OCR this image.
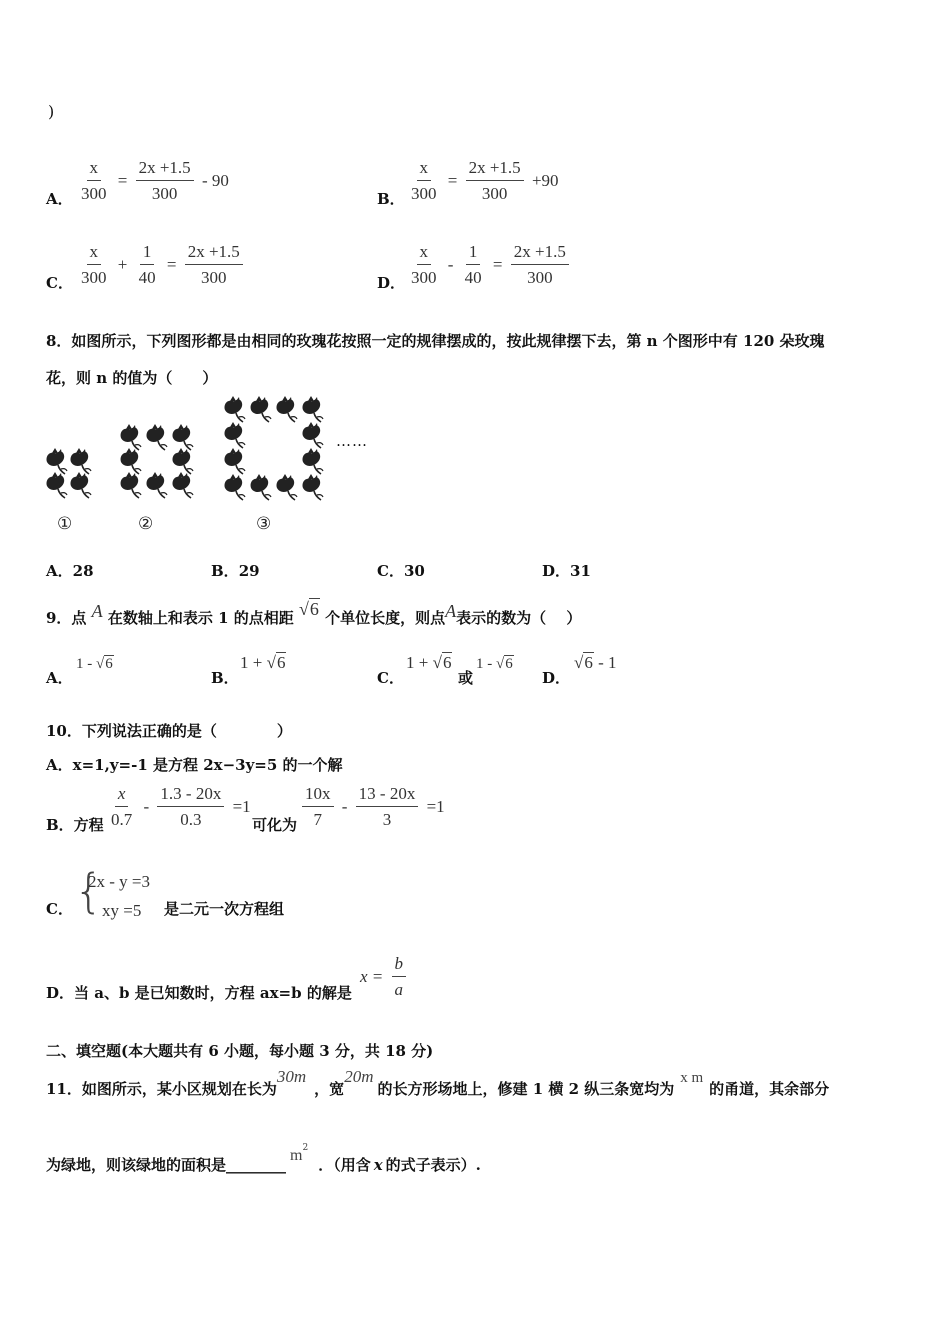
)
A． $\frac{x}{300} = \frac{2x +1.5}{300} - 90$
B． $\frac{x}{300} = \frac{2x +1.5}{300} +90$
C． $\frac{x}{300} + \frac{1}{40} = \frac{2x +1.5}{300}$	D． $\frac{x}{300} - \frac{1}{40} = \frac{2x +1.5}{300}$
8．如图所示，下列图形都是由相同的玫瑰花按照一定的规律摆成的，按此规律摆下去，第 n 个图形中有 120 朵玫瑰
花，则 n 的值为（　　）
……
①	②	③
A．28	B．29	C．30	D．31
9．点 A 在数轴上和表示 1 的点相距 √6 个单位长度，则点A表示的数为（　 ）
A．
1 - √6
B．
1 + √6
C．
1 + √6
或
1 - √6
D．
√6 - 1
10．下列说法正确的是（　　　　）
A．x=1,y=-1 是方程 2x−3y=5 的一个解
B．方程 $\frac{x}{0.7} - \frac{1.3 - 20x}{0.3} =1$
可化为 $\frac{10x}{7} - \frac{13 - 20x}{3} =1$
C． {
2x - y =3
xy =5 是二元一次方程组
D．当 a、b 是已知数时，方程 ax=b 的解是
$x = \frac{b}{a}$
二、填空题(本大题共有 6 小题，每小题 3 分，共 18 分)
11．如图所示，某小区规划在长为30m，宽20m的长方形场地上，修建 1 横 2 纵三条宽均为x m的甬道，其余部分
为绿地，则该绿地的面积是$\_\_\_\_\_\_\_\_m^2$．（用含 x 的式子表示）.
